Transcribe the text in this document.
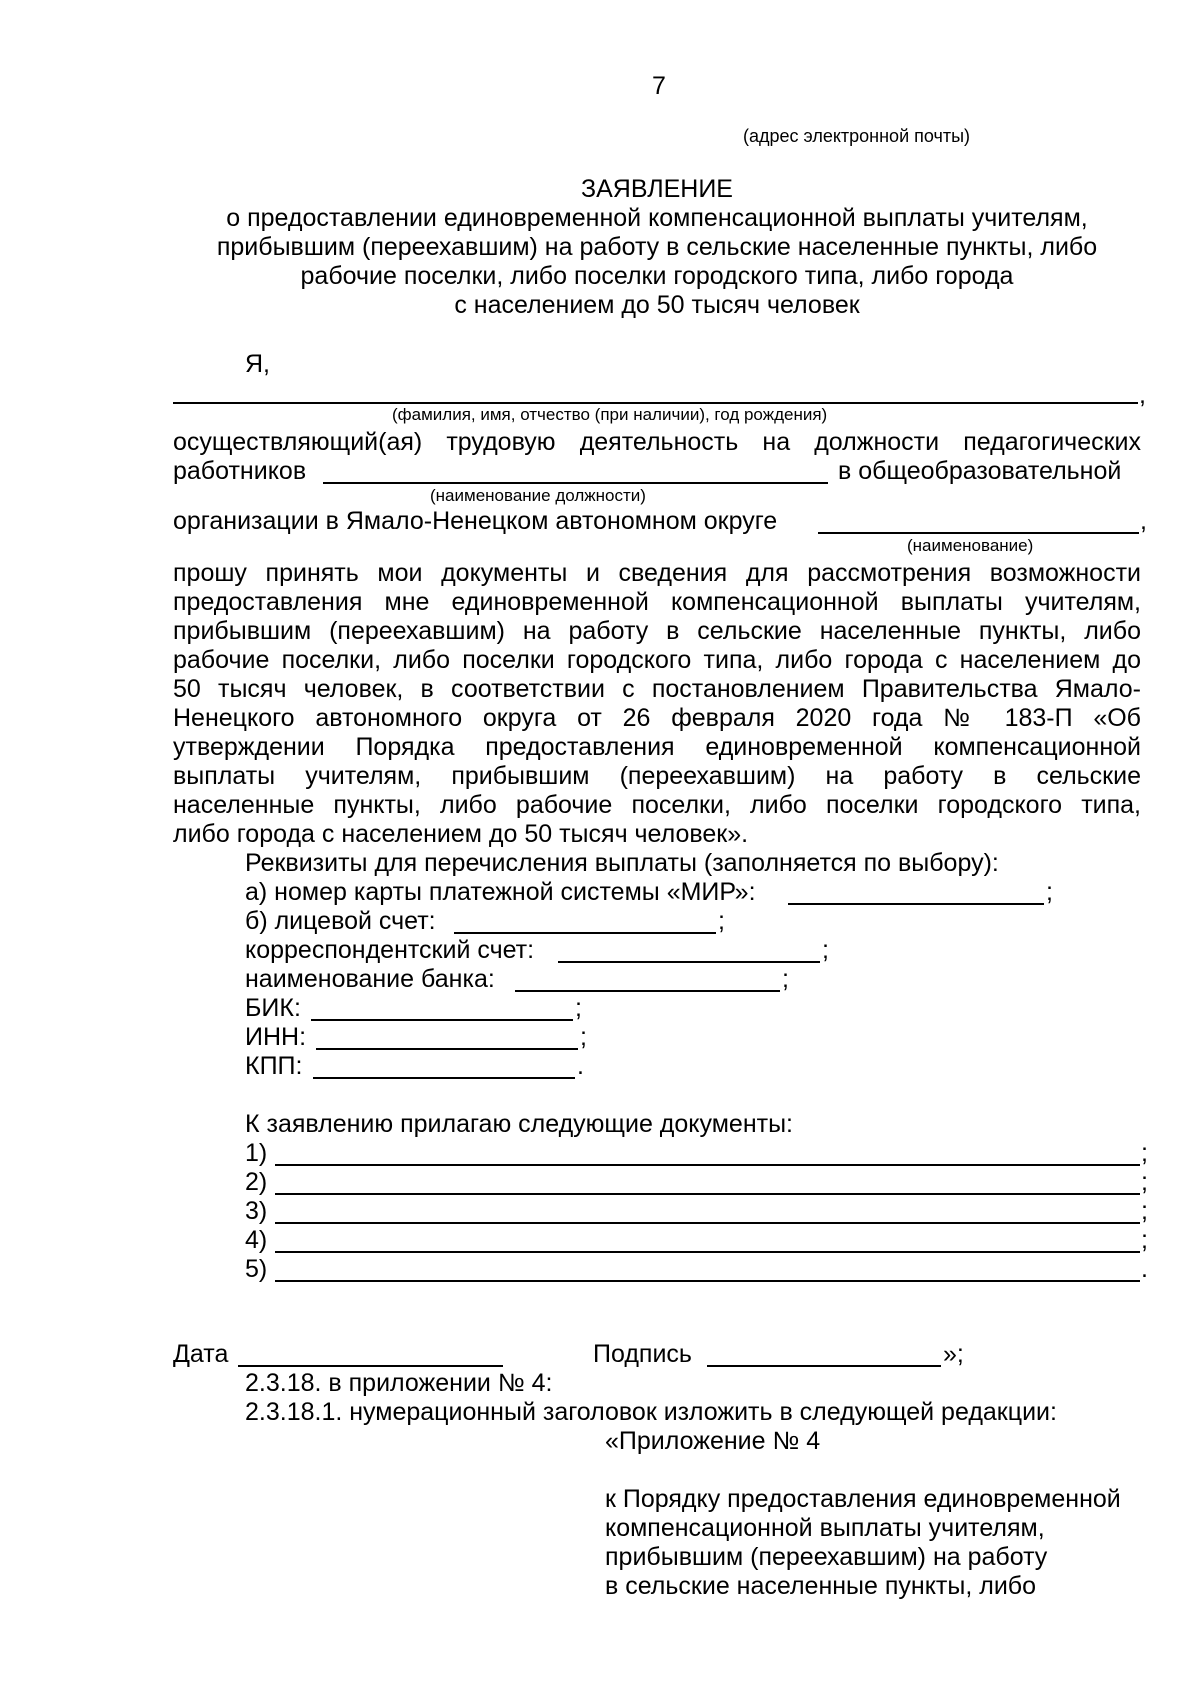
7
(адрес электронной почты)
ЗАЯВЛЕНИЕ
о предоставлении единовременной компенсационной выплаты учителям,
прибывшим (переехавшим) на работу в сельские населенные пункты, либо
рабочие поселки, либо поселки городского типа, либо города
с населением до 50 тысяч человек
Я,
,
(фамилия, имя, отчество (при наличии), год рождения)
осуществляющий(ая) трудовую деятельность на должности педагогических
работников	в общеобразовательной
(наименование должности)
организации в Ямало-Ненецком автономном округе	,
(наименование)
прошу принять мои документы и сведения для рассмотрения возможности
предоставления мне единовременной компенсационной выплаты учителям,
прибывшим (переехавшим) на работу в сельские населенные пункты, либо
рабочие поселки, либо поселки городского типа, либо города с населением до
50 тысяч человек, в соответствии с постановлением Правительства Ямало-
Ненецкого автономного округа от 26 февраля 2020 года № 183-П «Об
утверждении Порядка предоставления единовременной компенсационной
выплаты учителям, прибывшим (переехавшим) на работу в сельские
населенные пункты, либо рабочие поселки, либо поселки городского типа,
либо города с населением до 50 тысяч человек».
Реквизиты для перечисления выплаты (заполняется по выбору):
а) номер карты платежной системы «МИР»:	;
б) лицевой счет:	;
корреспондентский счет:	;
наименование банка:	;
БИК:	;
ИНН:	;
КПП:	.
К заявлению прилагаю следующие документы:
1)	;
2)	;
3)	;
4)	;
5)	.
Дата	Подпись	»;
2.3.18. в приложении № 4:
2.3.18.1. нумерационный заголовок изложить в следующей редакции:
«Приложение № 4
к Порядку предоставления единовременной
компенсационной выплаты учителям,
прибывшим (переехавшим) на работу
в сельские населенные пункты, либо
